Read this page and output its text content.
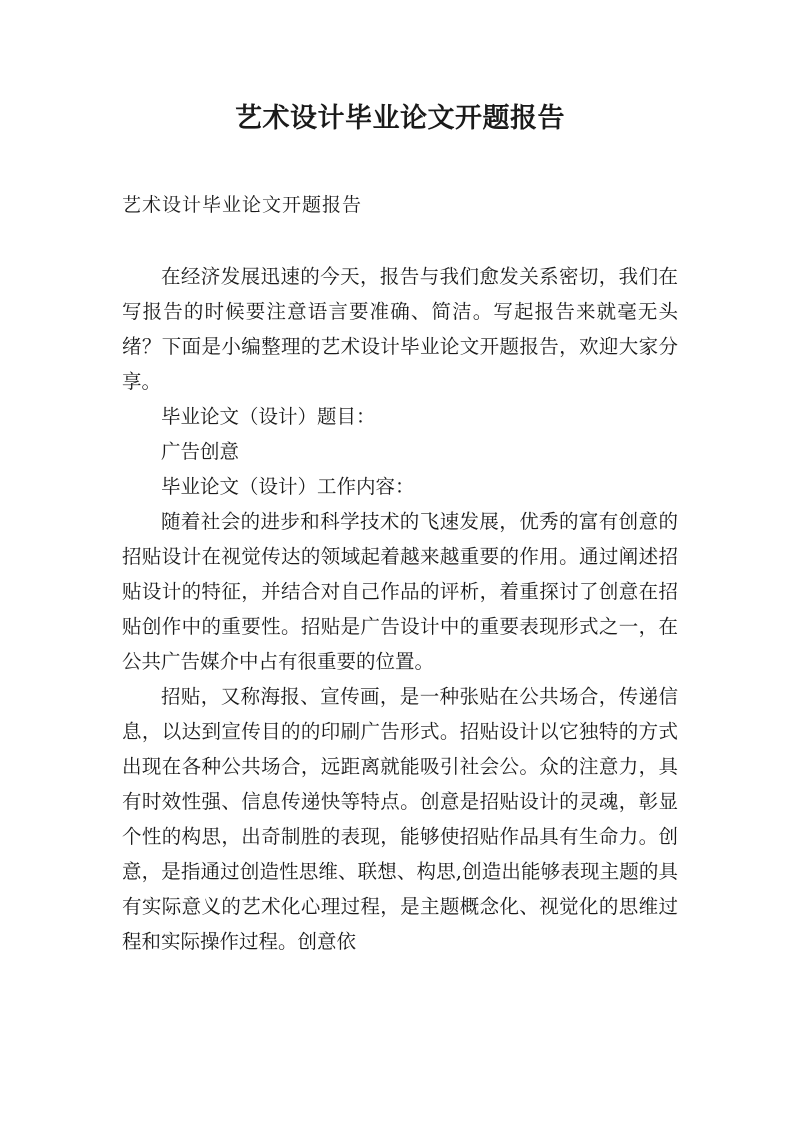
艺术设计毕业论文开题报告
艺术设计毕业论文开题报告

在经济发展迅速的今天，报告与我们愈发关系密切，我们在写报告的时候要注意语言要准确、简洁。写起报告来就毫无头绪？下面是小编整理的艺术设计毕业论文开题报告，欢迎大家分享。

毕业论文（设计）题目：

广告创意

毕业论文（设计）工作内容：

随着社会的进步和科学技术的飞速发展，优秀的富有创意的招贴设计在视觉传达的领域起着越来越重要的作用。通过阐述招贴设计的特征，并结合对自己作品的评析，着重探讨了创意在招贴创作中的重要性。招贴是广告设计中的重要表现形式之一，在公共广告媒介中占有很重要的位置。

招贴，又称海报、宣传画，是一种张贴在公共场合，传递信息，以达到宣传目的的印刷广告形式。招贴设计以它独特的方式出现在各种公共场合，远距离就能吸引社会公。众的注意力，具有时效性强、信息传递快等特点。创意是招贴设计的灵魂，彰显个性的构思，出奇制胜的表现，能够使招贴作品具有生命力。创意，是指通过创造性思维、联想、构思,创造出能够表现主题的具有实际意义的艺术化心理过程，是主题概念化、视觉化的思维过程和实际操作过程。创意依
